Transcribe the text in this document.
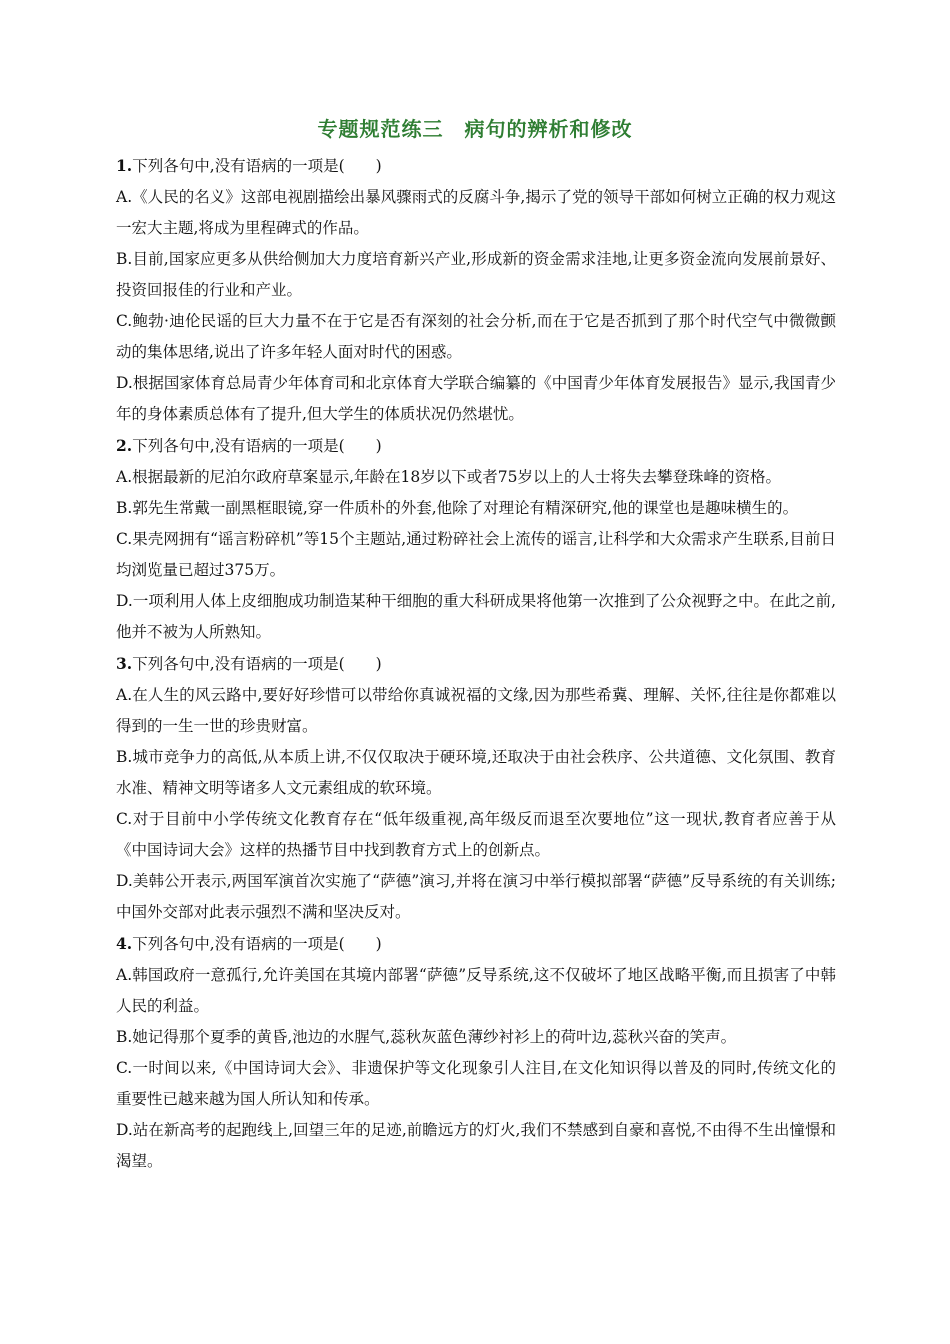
专题规范练三　病句的辨析和修改

1.下列各句中,没有语病的一项是(　　)

A.《人民的名义》这部电视剧描绘出暴风骤雨式的反腐斗争,揭示了党的领导干部如何树立正确的权力观这一宏大主题,将成为里程碑式的作品。

B.目前,国家应更多从供给侧加大力度培育新兴产业,形成新的资金需求洼地,让更多资金流向发展前景好、投资回报佳的行业和产业。

C.鲍勃·迪伦民谣的巨大力量不在于它是否有深刻的社会分析,而在于它是否抓到了那个时代空气中微微颤动的集体思绪,说出了许多年轻人面对时代的困惑。

D.根据国家体育总局青少年体育司和北京体育大学联合编纂的《中国青少年体育发展报告》显示,我国青少年的身体素质总体有了提升,但大学生的体质状况仍然堪忧。

2.下列各句中,没有语病的一项是(　　)

A.根据最新的尼泊尔政府草案显示,年龄在18岁以下或者75岁以上的人士将失去攀登珠峰的资格。

B.郭先生常戴一副黑框眼镜,穿一件质朴的外套,他除了对理论有精深研究,他的课堂也是趣味横生的。

C.果壳网拥有“谣言粉碎机”等15个主题站,通过粉碎社会上流传的谣言,让科学和大众需求产生联系,目前日均浏览量已超过375万。

D.一项利用人体上皮细胞成功制造某种干细胞的重大科研成果将他第一次推到了公众视野之中。在此之前,他并不被为人所熟知。

3.下列各句中,没有语病的一项是(　　)

A.在人生的风云路中,要好好珍惜可以带给你真诚祝福的文缘,因为那些希冀、理解、关怀,往往是你都难以得到的一生一世的珍贵财富。

B.城市竞争力的高低,从本质上讲,不仅仅取决于硬环境,还取决于由社会秩序、公共道德、文化氛围、教育水准、精神文明等诸多人文元素组成的软环境。

C.对于目前中小学传统文化教育存在“低年级重视,高年级反而退至次要地位”这一现状,教育者应善于从《中国诗词大会》这样的热播节目中找到教育方式上的创新点。

D.美韩公开表示,两国军演首次实施了“萨德”演习,并将在演习中举行模拟部署“萨德”反导系统的有关训练;中国外交部对此表示强烈不满和坚决反对。

4.下列各句中,没有语病的一项是(　　)

A.韩国政府一意孤行,允许美国在其境内部署“萨德”反导系统,这不仅破坏了地区战略平衡,而且损害了中韩人民的利益。

B.她记得那个夏季的黄昏,池边的水腥气,蕊秋灰蓝色薄纱衬衫上的荷叶边,蕊秋兴奋的笑声。

C.一时间以来,《中国诗词大会》、非遗保护等文化现象引人注目,在文化知识得以普及的同时,传统文化的重要性已越来越为国人所认知和传承。

D.站在新高考的起跑线上,回望三年的足迹,前瞻远方的灯火,我们不禁感到自豪和喜悦,不由得不生出憧憬和渴望。
